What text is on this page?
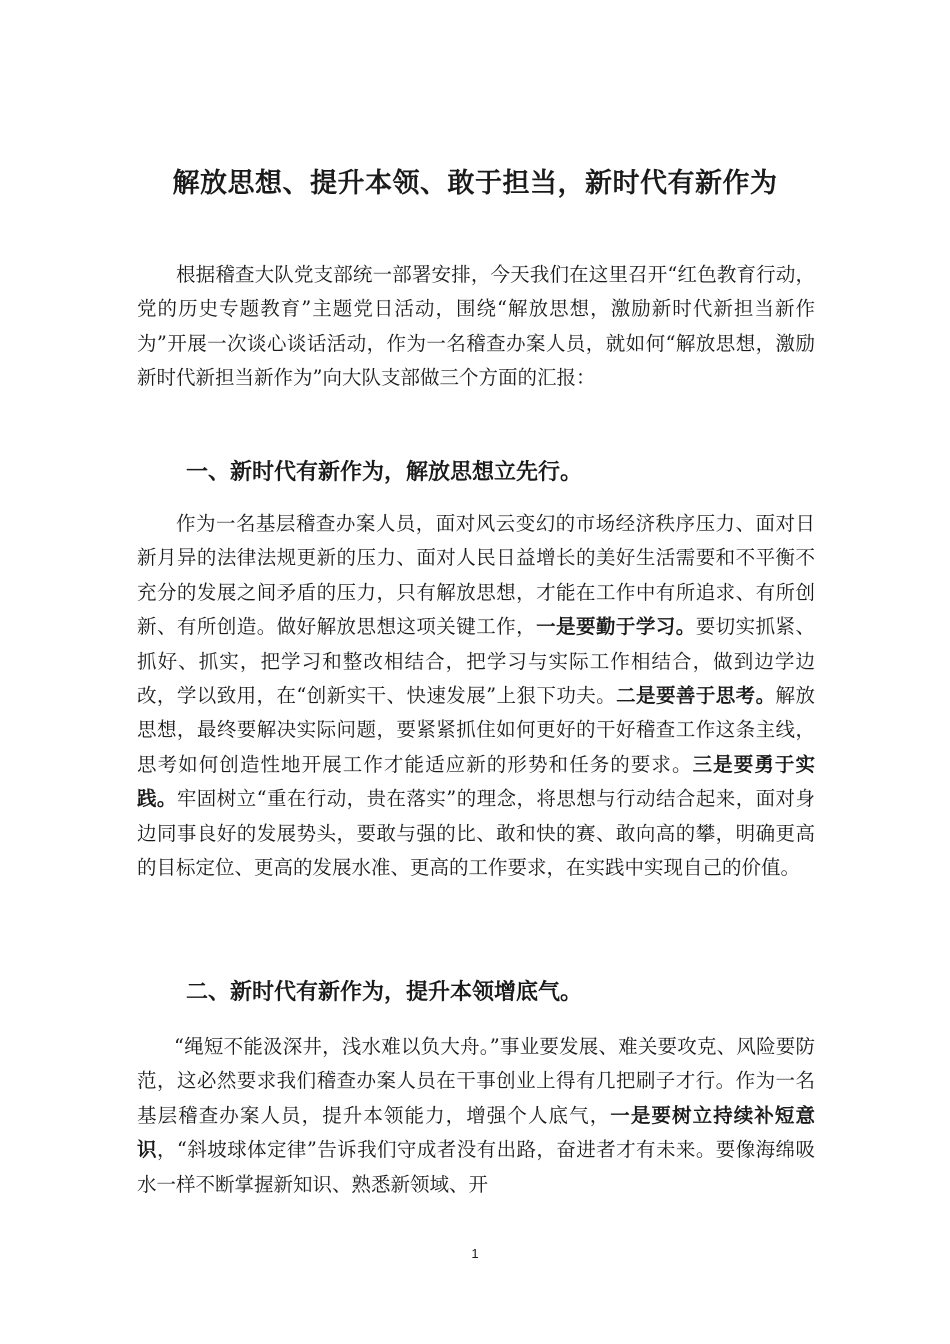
解放思想、提升本领、敢于担当，新时代有新作为

根据稽查大队党支部统一部署安排，今天我们在这里召开“红色教育行动，党的历史专题教育”主题党日活动，围绕“解放思想，激励新时代新担当新作为”开展一次谈心谈话活动，作为一名稽查办案人员，就如何“解放思想，激励新时代新担当新作为”向大队支部做三个方面的汇报：

一、新时代有新作为，解放思想立先行。

作为一名基层稽查办案人员，面对风云变幻的市场经济秩序压力、面对日新月异的法律法规更新的压力、面对人民日益增长的美好生活需要和不平衡不充分的发展之间矛盾的压力，只有解放思想，才能在工作中有所追求、有所创新、有所创造。做好解放思想这项关键工作，一是要勤于学习。要切实抓紧、抓好、抓实，把学习和整改相结合，把学习与实际工作相结合，做到边学边改，学以致用，在“创新实干、快速发展”上狠下功夫。二是要善于思考。解放思想，最终要解决实际问题，要紧紧抓住如何更好的干好稽查工作这条主线，思考如何创造性地开展工作才能适应新的形势和任务的要求。三是要勇于实践。牢固树立“重在行动，贵在落实”的理念，将思想与行动结合起来，面对身边同事良好的发展势头，要敢与强的比、敢和快的赛、敢向高的攀，明确更高的目标定位、更高的发展水准、更高的工作要求，在实践中实现自己的价值。

二、新时代有新作为，提升本领增底气。

“绳短不能汲深井，浅水难以负大舟。”事业要发展、难关要攻克、风险要防范，这必然要求我们稽查办案人员在干事创业上得有几把刷子才行。作为一名基层稽查办案人员，提升本领能力，增强个人底气，一是要树立持续补短意识，“斜坡球体定律”告诉我们守成者没有出路，奋进者才有未来。要像海绵吸水一样不断掌握新知识、熟悉新领域、开

1
